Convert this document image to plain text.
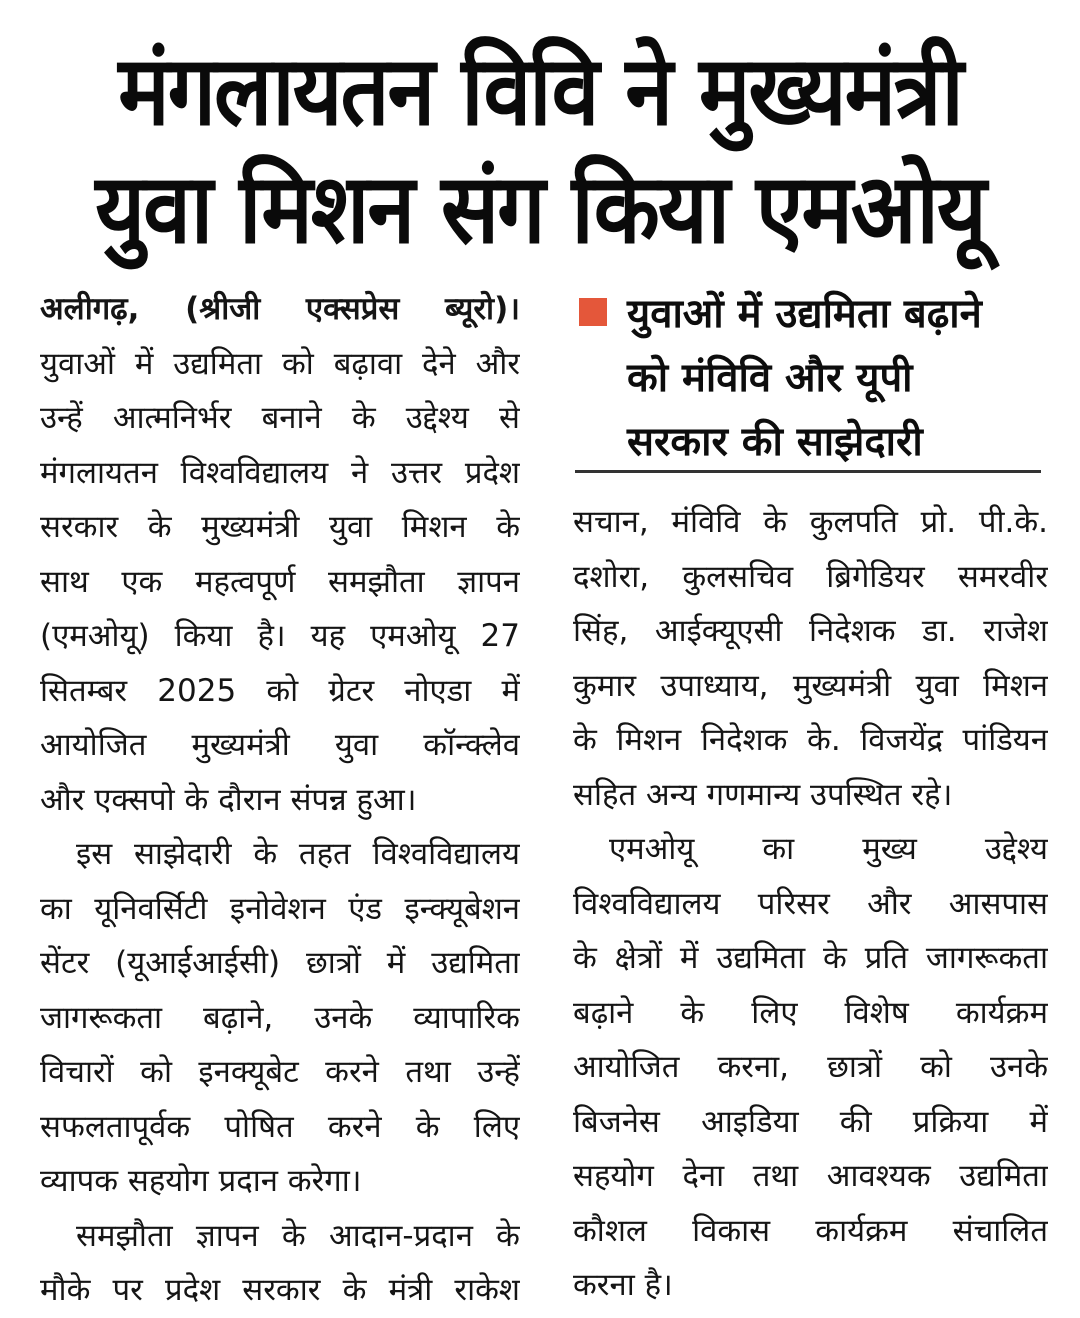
मंगलायतन विवि ने मुख्यमंत्री
युवा मिशन संग किया एमओयू
अलीगढ़, (श्रीजी एक्सप्रेस ब्यूरो)।
युवाओं में उद्यमिता को बढ़ावा देने और
उन्हें आत्मनिर्भर बनाने के उद्देश्य से
मंगलायतन विश्वविद्यालय ने उत्तर प्रदेश
सरकार के मुख्यमंत्री युवा मिशन के
साथ एक महत्वपूर्ण समझौता ज्ञापन
(एमओयू) किया है। यह एमओयू 27
सितम्बर 2025 को ग्रेटर नोएडा में
आयोजित मुख्यमंत्री युवा कॉन्क्लेव
और एक्सपो के दौरान संपन्न हुआ।
इस साझेदारी के तहत विश्वविद्यालय
का यूनिवर्सिटी इनोवेशन एंड इन्क्यूबेशन
सेंटर (यूआईआईसी) छात्रों में उद्यमिता
जागरूकता बढ़ाने, उनके व्यापारिक
विचारों को इनक्यूबेट करने तथा उन्हें
सफलतापूर्वक पोषित करने के लिए
व्यापक सहयोग प्रदान करेगा।
समझौता ज्ञापन के आदान-प्रदान के
मौके पर प्रदेश सरकार के मंत्री राकेश
युवाओं में उद्यमिता बढ़ाने
को मंविवि और यूपी
सरकार की साझेदारी
सचान, मंविवि के कुलपति प्रो. पी.के.
दशोरा, कुलसचिव ब्रिगेडियर समरवीर
सिंह, आईक्यूएसी निदेशक डा. राजेश
कुमार उपाध्याय, मुख्यमंत्री युवा मिशन
के मिशन निदेशक के. विजयेंद्र पांडियन
सहित अन्य गणमान्य उपस्थित रहे।
एमओयू का मुख्य उद्देश्य
विश्वविद्यालय परिसर और आसपास
के क्षेत्रों में उद्यमिता के प्रति जागरूकता
बढ़ाने के लिए विशेष कार्यक्रम
आयोजित करना, छात्रों को उनके
बिजनेस आइडिया की प्रक्रिया में
सहयोग देना तथा आवश्यक उद्यमिता
कौशल विकास कार्यक्रम संचालित
करना है।
